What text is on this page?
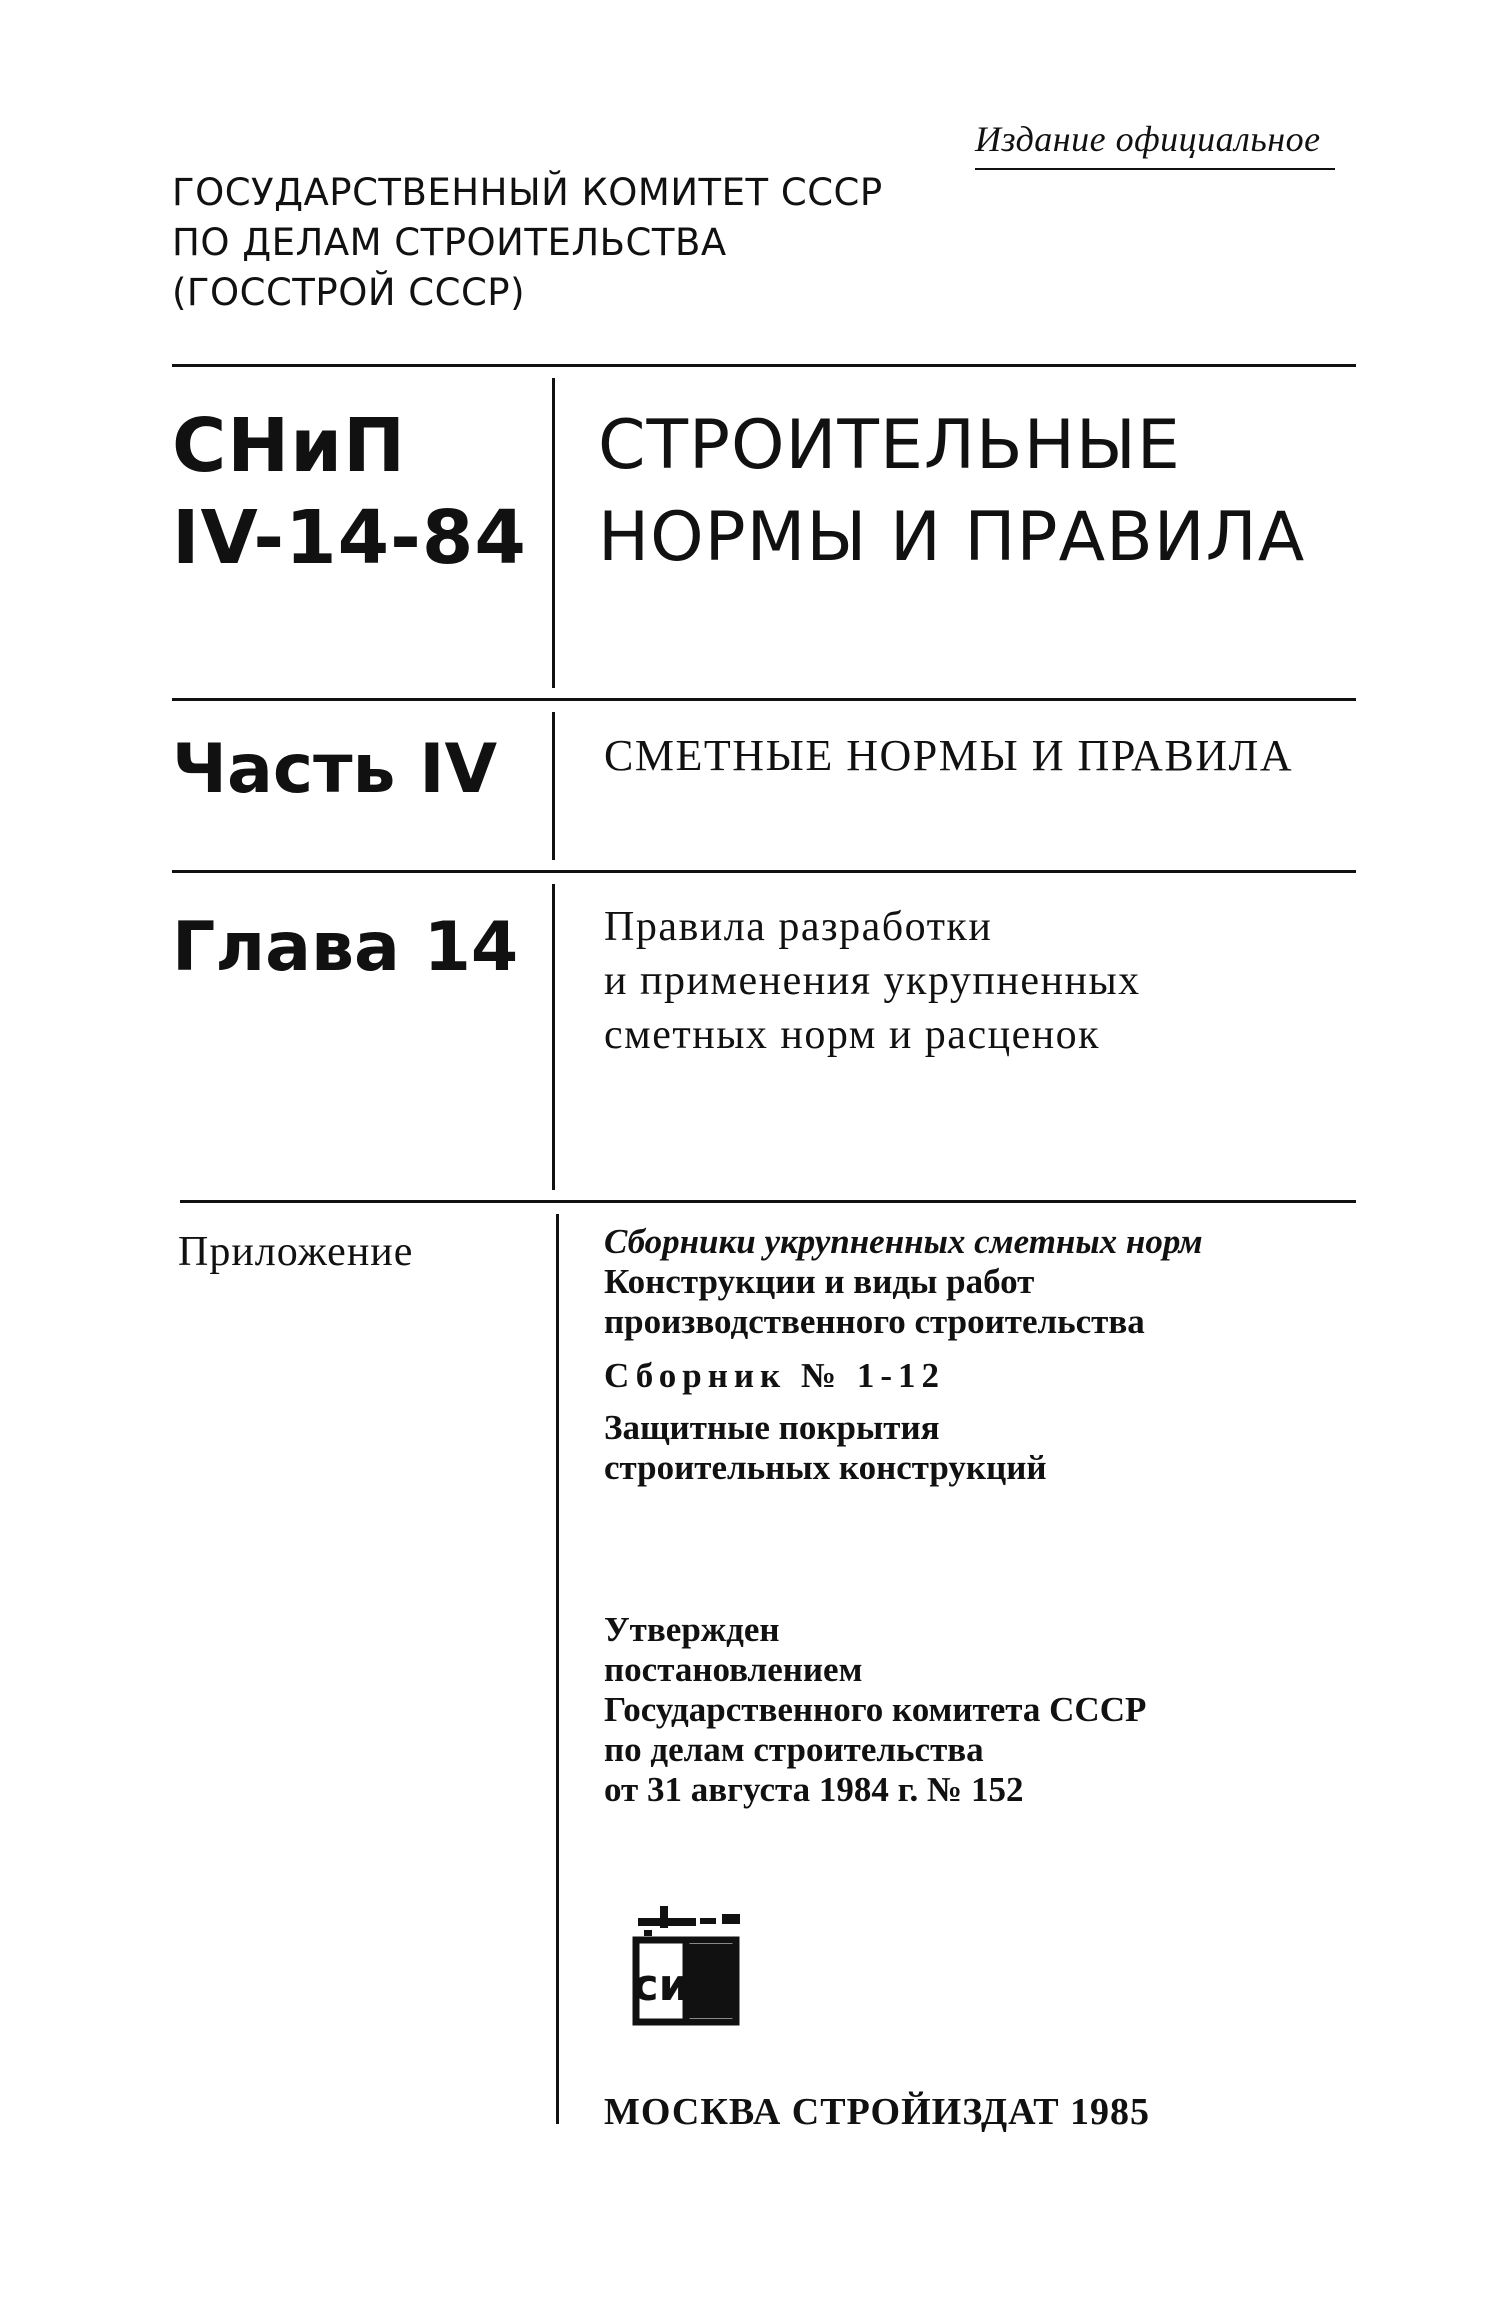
Издание официальное
ГОСУДАРСТВЕННЫЙ КОМИТЕТ СССР
ПО ДЕЛАМ СТРОИТЕЛЬСТВА
(ГОССТРОЙ СССР)
СНиП
IV-14-84
СТРОИТЕЛЬНЫЕ
НОРМЫ И ПРАВИЛА
Часть IV СМЕТНЫЕ НОРМЫ И ПРАВИЛА
Глава 14 Правила разработки
и применения укрупненных
сметных норм и расценок
Приложение	Сборники укрупненных сметных норм
Конструкции и виды работ
производственного строительства
Сборник № 1-12
Защитные покрытия
строительных конструкций
Утвержден
постановлением
Государственного комитета СССР
по делам строительства
от 31 августа 1984 г. № 152
си
МОСКВА СТРОЙИЗДАТ 1985
